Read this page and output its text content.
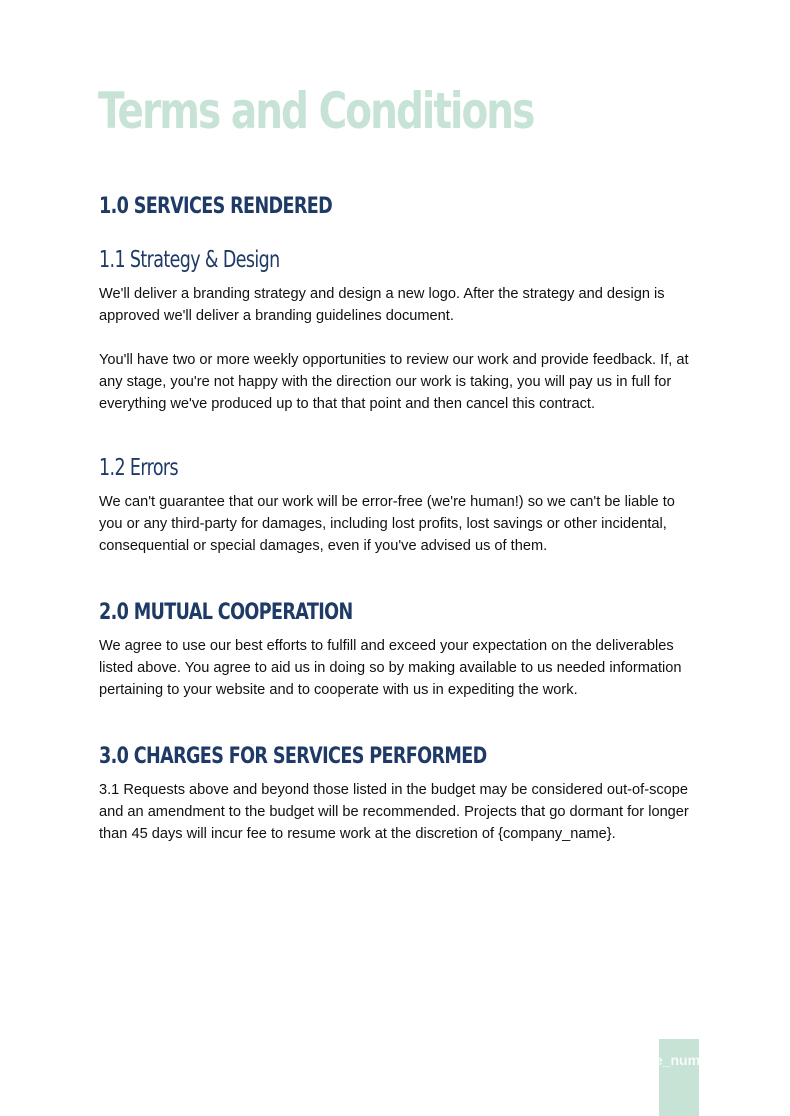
Terms and Conditions
1.0 SERVICES RENDERED
1.1 Strategy & Design

We'll deliver a branding strategy and design a new logo. After the strategy and design is approved we'll deliver a branding guidelines document.

You'll have two or more weekly opportunities to review our work and provide feedback. If, at any stage, you're not happy with the direction our work is taking, you will pay us in full for everything we've produced up to that that point and then cancel this contract.

1.2 Errors

We can't guarantee that our work will be error-free (we're human!) so we can't be liable to you or any third-party for damages, including lost profits, lost savings or other incidental, consequential or special damages, even if you've advised us of them.

2.0 MUTUAL COOPERATION

We agree to use our best efforts to fulfill and exceed your expectation on the deliverables listed above. You agree to aid us in doing so by making available to us needed information pertaining to your website and to cooperate with us in expediting the work.

3.0 CHARGES FOR SERVICES PERFORMED

3.1 Requests above and beyond those listed in the budget may be considered out-of-scope and an amendment to the budget will be recommended. Projects that go dormant for longer than 45 days will incur fee to resume work at the discretion of {company_name}.

page_number
